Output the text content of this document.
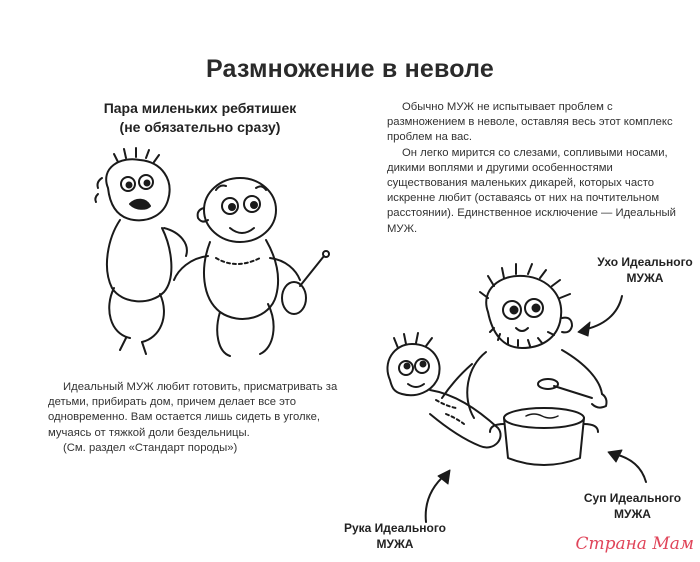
Размножение в неволе
Пара миленьких ребятишек
(не обязательно сразу)

Обычно МУЖ не испытывает проблем с

размножением в неволе, оставляя весь этот комплекс

проблем на вас.

Он легко мирится со слезами, сопливыми носами,

дикими воплями и другими особенностями

существования маленьких дикарей, которых часто

искренне любит (оставаясь от них на почтительном

расстоянии). Единственное исключение — Идеальный

МУЖ.

Идеальный МУЖ любит готовить, присматривать за

детьми, прибирать дом, причем делает все это

одновременно. Вам остается лишь сидеть в уголке,

мучаясь от тяжкой доли бездельницы.

(См. раздел «Стандарт породы»)

Ухо Идеального
МУЖА
Суп Идеального
МУЖА
Рука Идеального
МУЖА	Страна Мам
